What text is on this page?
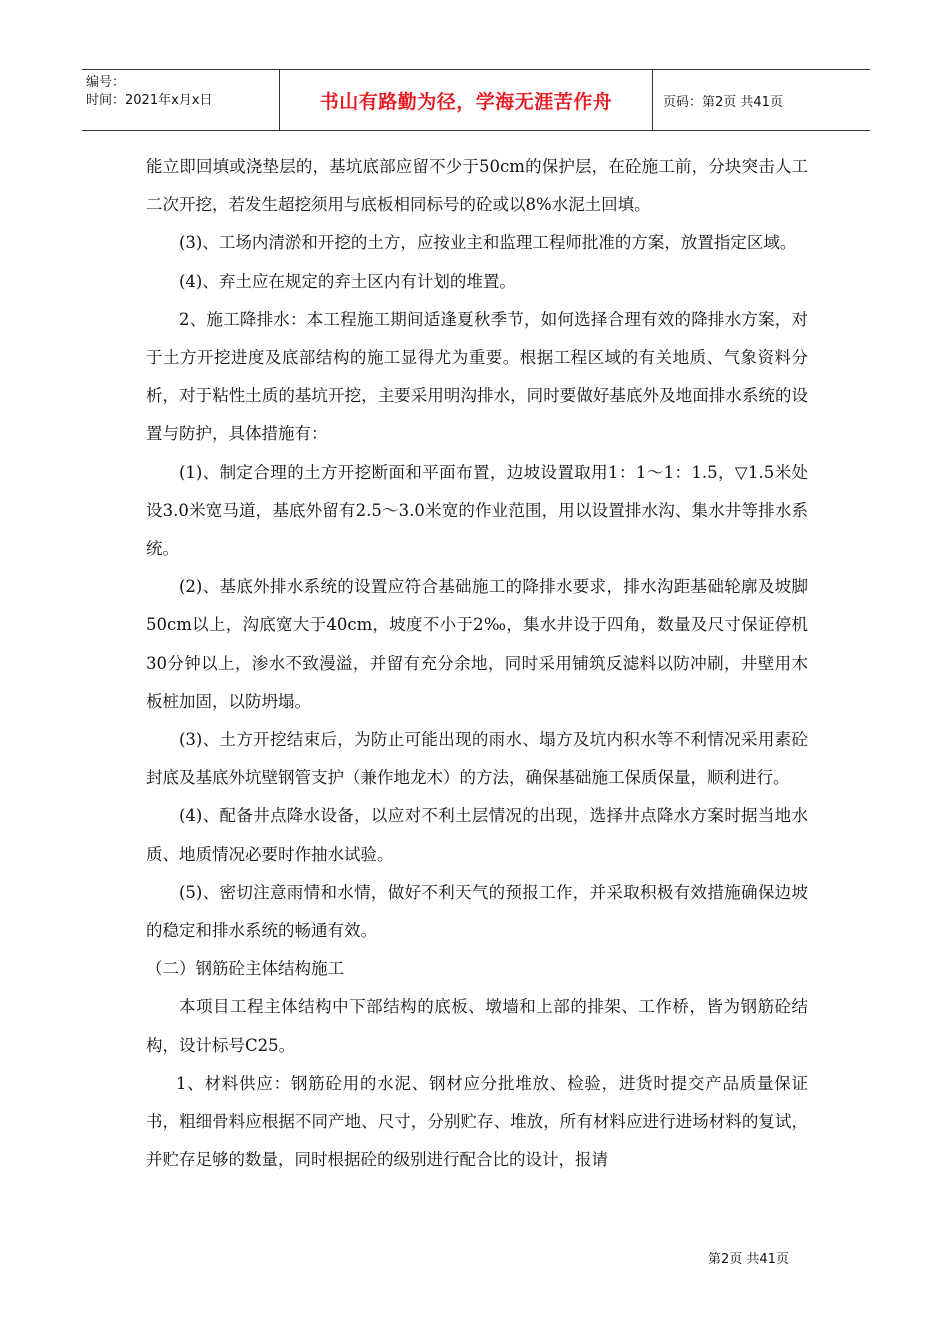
编号：
时间：2021年x月x日	书山有路勤为径，学海无涯苦作舟	页码：第2页 共41页

能立即回填或浇垫层的，基坑底部应留不少于50cm的保护层，在砼施工前，分块突击人工二次开挖，若发生超挖须用与底板相同标号的砼或以8%水泥土回填。

(3)、工场内清淤和开挖的土方，应按业主和监理工程师批准的方案，放置指定区域。

(4)、弃土应在规定的弃土区内有计划的堆置。

2、施工降排水：本工程施工期间适逢夏秋季节，如何选择合理有效的降排水方案，对于土方开挖进度及底部结构的施工显得尤为重要。根据工程区域的有关地质、气象资料分析，对于粘性土质的基坑开挖，主要采用明沟排水，同时要做好基底外及地面排水系统的设置与防护，具体措施有：

(1)、制定合理的土方开挖断面和平面布置，边坡设置取用1：1～1：1.5，▽1.5米处设3.0米宽马道，基底外留有2.5～3.0米宽的作业范围，用以设置排水沟、集水井等排水系统。

(2)、基底外排水系统的设置应符合基础施工的降排水要求，排水沟距基础轮廓及坡脚50cm以上，沟底宽大于40cm，坡度不小于2‰，集水井设于四角，数量及尺寸保证停机30分钟以上，渗水不致漫溢，并留有充分余地，同时采用铺筑反滤料以防冲刷，井壁用木板桩加固，以防坍塌。

(3)、土方开挖结束后，为防止可能出现的雨水、塌方及坑内积水等不利情况采用素砼封底及基底外坑壁钢管支护（兼作地龙木）的方法，确保基础施工保质保量，顺利进行。

(4)、配备井点降水设备，以应对不利土层情况的出现，选择井点降水方案时据当地水质、地质情况必要时作抽水试验。

(5)、密切注意雨情和水情，做好不利天气的预报工作，并采取积极有效措施确保边坡的稳定和排水系统的畅通有效。

（二）钢筋砼主体结构施工

本项目工程主体结构中下部结构的底板、墩墙和上部的排架、工作桥，皆为钢筋砼结构，设计标号C25。

1、材料供应：钢筋砼用的水泥、钢材应分批堆放、检验，进货时提交产品质量保证书，粗细骨料应根据不同产地、尺寸，分别贮存、堆放，所有材料应进行进场材料的复试，并贮存足够的数量，同时根据砼的级别进行配合比的设计，报请

第2页 共41页
